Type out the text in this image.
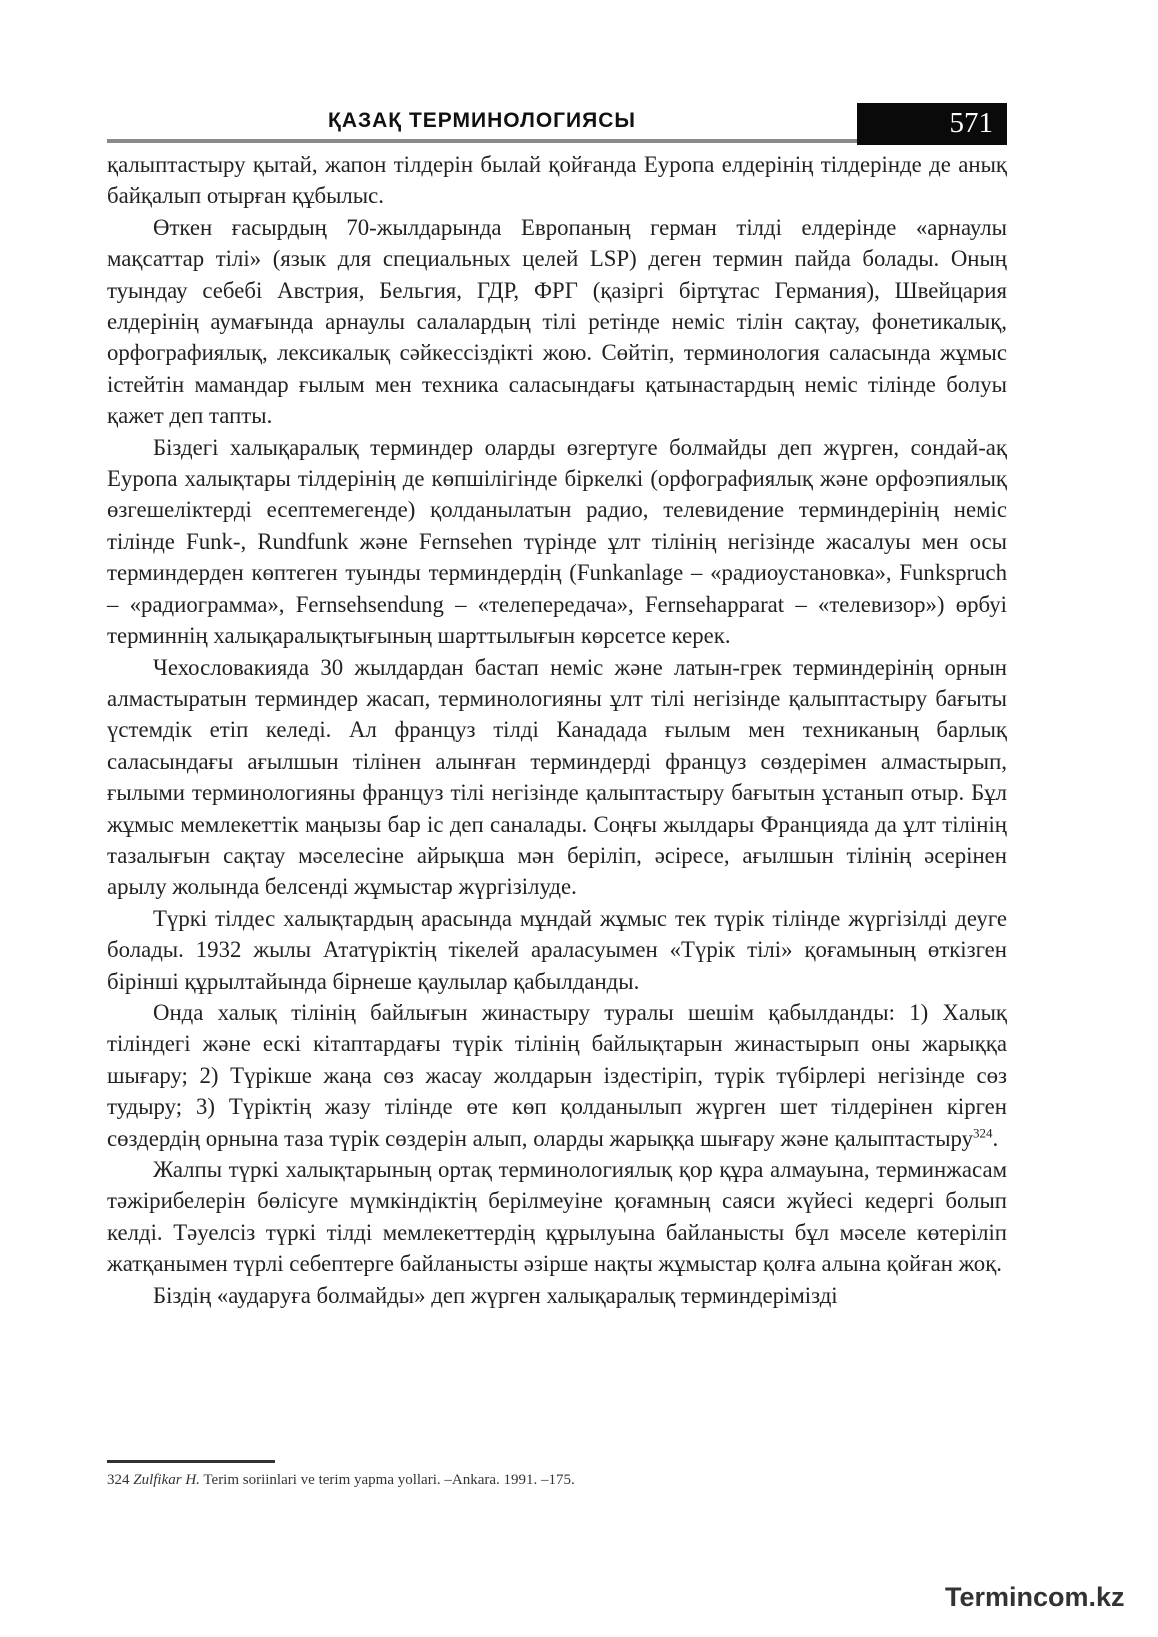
ҚАЗАҚ ТЕРМИНОЛОГИЯСЫ	571

қалыптастыру қытай, жапон тілдерін былай қойғанда Еуропа елдерінің тілдерінде де анық байқалып отырған құбылыс.

Өткен ғасырдың 70-жылдарында Европаның герман тілді елдерінде «арнаулы мақсаттар тілі» (язык для специальных целей LSP) деген термин пайда болады. Оның туындау себебі Австрия, Бельгия, ГДР, ФРГ (қазіргі біртұтас Германия), Швейцария елдерінің аумағында арнаулы салалардың тілі ретінде неміс тілін сақтау, фонетикалық, орфографиялық, лексикалық сәйкессіздікті жою. Сөйтіп, терминология саласында жұмыс істейтін мамандар ғылым мен техника саласындағы қатынастардың неміс тілінде болуы қажет деп тапты.

Біздегі халықаралық терминдер оларды өзгертуге болмайды деп жүрген, сондай-ақ Еуропа халықтары тілдерінің де көпшілігінде біркелкі (орфографиялық және орфоэпиялық өзгешеліктерді есептемегенде) қолданылатын радио, телевидение терминдерінің неміс тілінде Funk-, Rundfunk және Fernsehen түрінде ұлт тілінің негізінде жасалуы мен осы терминдерден көптеген туынды терминдердің (Funkanlage – «радиоустановка», Funkspruch – «радиограмма», Fernsehsendung – «телепередача», Fernsehapparat – «телевизор») өрбуі терминнің халықаралықтығының шарттылығын көрсетсе керек.

Чехословакияда 30 жылдардан бастап неміс және латын-грек терминдерінің орнын алмастыратын терминдер жасап, терминологияны ұлт тілі негізінде қалыптастыру бағыты үстемдік етіп келеді. Ал француз тілді Канадада ғылым мен техниканың барлық саласындағы ағылшын тілінен алынған терминдерді француз сөздерімен алмастырып, ғылыми терминологияны француз тілі негізінде қалыптастыру бағытын ұстанып отыр. Бұл жұмыс мемлекеттік маңызы бар іс деп саналады. Соңғы жылдары Францияда да ұлт тілінің тазалығын сақтау мәселесіне айрықша мән беріліп, әсіресе, ағылшын тілінің әсерінен арылу жолында белсенді жұмыстар жүргізілуде.

Түркі тілдес халықтардың арасында мұндай жұмыс тек түрік тілінде жүргізілді деуге болады. 1932 жылы Ататүріктің тікелей араласуымен «Түрік тілі» қоғамының өткізген бірінші құрылтайында бірнеше қаулылар қабылданды.

Онда халық тілінің байлығын жинастыру туралы шешім қабылданды: 1) Халық тіліндегі және ескі кітаптардағы түрік тілінің байлықтарын жинастырып оны жарыққа шығару; 2) Түрікше жаңа сөз жасау жолдарын іздестіріп, түрік түбірлері негізінде сөз тудыру; 3) Түріктің жазу тілінде өте көп қолданылып жүрген шет тілдерінен кірген сөздердің орнына таза түрік сөздерін алып, оларды жарыққа шығару және қалыптастыру$^{324}$.

Жалпы түркі халықтарының ортақ терминологиялық қор құра алмауына, терминжасам тәжірибелерін бөлісуге мүмкіндіктің берілмеуіне қоғамның саяси жүйесі кедергі болып келді. Тәуелсіз түркі тілді мемлекеттердің құрылуына байланысты бұл мәселе көтеріліп жатқанымен түрлі себептерге байланысты әзірше нақты жұмыстар қолға алына қойған жоқ.

Біздің «аударуға болмайды» деп жүрген халықаралық терминдерімізді

324 Zulfikar H. Terim soriinlari ve terim yapma yollari. –Ankara. 1991. –175.
Termincom.kz
